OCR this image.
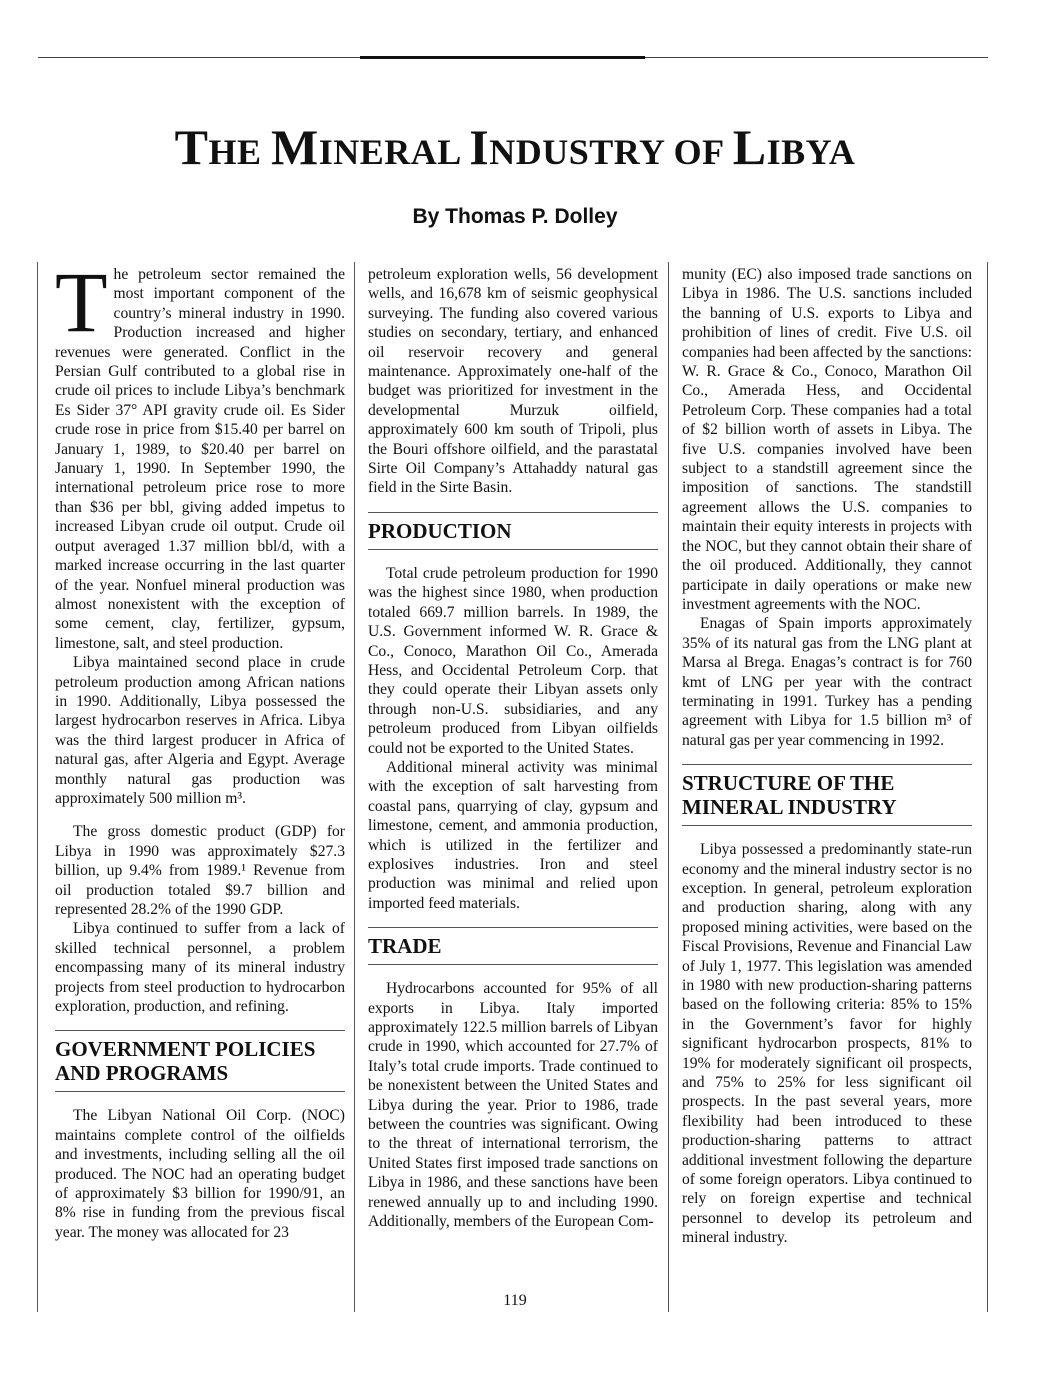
THE MINERAL INDUSTRY OF LIBYA
By Thomas P. Dolley

The petroleum sector remained the most important component of the country’s mineral industry in 1990. Production increased and higher revenues were generated. Conflict in the Persian Gulf contributed to a global rise in crude oil prices to include Libya’s benchmark Es Sider 37° API gravity crude oil. Es Sider crude rose in price from $15.40 per barrel on January 1, 1989, to $20.40 per barrel on January 1, 1990. In September 1990, the international petroleum price rose to more than $36 per bbl, giving added impetus to increased Libyan crude oil output. Crude oil output averaged 1.37 million bbl/d, with a marked increase occurring in the last quarter of the year. Nonfuel mineral production was almost nonexistent with the exception of some cement, clay, fertilizer, gypsum, limestone, salt, and steel production.

Libya maintained second place in crude petroleum production among African nations in 1990. Additionally, Libya possessed the largest hydrocarbon reserves in Africa. Libya was the third largest producer in Africa of natural gas, after Algeria and Egypt. Average monthly natural gas production was approximately 500 million m³.

The gross domestic product (GDP) for Libya in 1990 was approximately $27.3 billion, up 9.4% from 1989.¹ Revenue from oil production totaled $9.7 billion and represented 28.2% of the 1990 GDP.

Libya continued to suffer from a lack of skilled technical personnel, a problem encompassing many of its mineral industry projects from steel production to hydrocarbon exploration, production, and refining.

GOVERNMENT POLICIES AND PROGRAMS

The Libyan National Oil Corp. (NOC) maintains complete control of the oilfields and investments, including selling all the oil produced. The NOC had an operating budget of approximately $3 billion for 1990/91, an 8% rise in funding from the previous fiscal year. The money was allocated for 23

petroleum exploration wells, 56 development wells, and 16,678 km of seismic geophysical surveying. The funding also covered various studies on secondary, tertiary, and enhanced oil reservoir recovery and general maintenance. Approximately one-half of the budget was prioritized for investment in the developmental Murzuk oilfield, approximately 600 km south of Tripoli, plus the Bouri offshore oilfield, and the parastatal Sirte Oil Company’s Attahaddy natural gas field in the Sirte Basin.

PRODUCTION

Total crude petroleum production for 1990 was the highest since 1980, when production totaled 669.7 million barrels. In 1989, the U.S. Government informed W. R. Grace & Co., Conoco, Marathon Oil Co., Amerada Hess, and Occidental Petroleum Corp. that they could operate their Libyan assets only through non-U.S. subsidiaries, and any petroleum produced from Libyan oilfields could not be exported to the United States.

Additional mineral activity was minimal with the exception of salt harvesting from coastal pans, quarrying of clay, gypsum and limestone, cement, and ammonia production, which is utilized in the fertilizer and explosives industries. Iron and steel production was minimal and relied upon imported feed materials.

TRADE

Hydrocarbons accounted for 95% of all exports in Libya. Italy imported approximately 122.5 million barrels of Libyan crude in 1990, which accounted for 27.7% of Italy’s total crude imports. Trade continued to be nonexistent between the United States and Libya during the year. Prior to 1986, trade between the countries was significant. Owing to the threat of international terrorism, the United States first imposed trade sanctions on Libya in 1986, and these sanctions have been renewed annually up to and including 1990. Additionally, members of the European Com-

munity (EC) also imposed trade sanctions on Libya in 1986. The U.S. sanctions included the banning of U.S. exports to Libya and prohibition of lines of credit. Five U.S. oil companies had been affected by the sanctions: W. R. Grace & Co., Conoco, Marathon Oil Co., Amerada Hess, and Occidental Petroleum Corp. These companies had a total of $2 billion worth of assets in Libya. The five U.S. companies involved have been subject to a standstill agreement since the imposition of sanctions. The standstill agreement allows the U.S. companies to maintain their equity interests in projects with the NOC, but they cannot obtain their share of the oil produced. Additionally, they cannot participate in daily operations or make new investment agreements with the NOC.

Enagas of Spain imports approximately 35% of its natural gas from the LNG plant at Marsa al Brega. Enagas’s contract is for 760 kmt of LNG per year with the contract terminating in 1991. Turkey has a pending agreement with Libya for 1.5 billion m³ of natural gas per year commencing in 1992.

STRUCTURE OF THE MINERAL INDUSTRY

Libya possessed a predominantly state-run economy and the mineral industry sector is no exception. In general, petroleum exploration and production sharing, along with any proposed mining activities, were based on the Fiscal Provisions, Revenue and Financial Law of July 1, 1977. This legislation was amended in 1980 with new production-sharing patterns based on the following criteria: 85% to 15% in the Government’s favor for highly significant hydrocarbon prospects, 81% to 19% for moderately significant oil prospects, and 75% to 25% for less significant oil prospects. In the past several years, more flexibility had been introduced to these production-sharing patterns to attract additional investment following the departure of some foreign operators. Libya continued to rely on foreign expertise and technical personnel to develop its petroleum and mineral industry.

119
